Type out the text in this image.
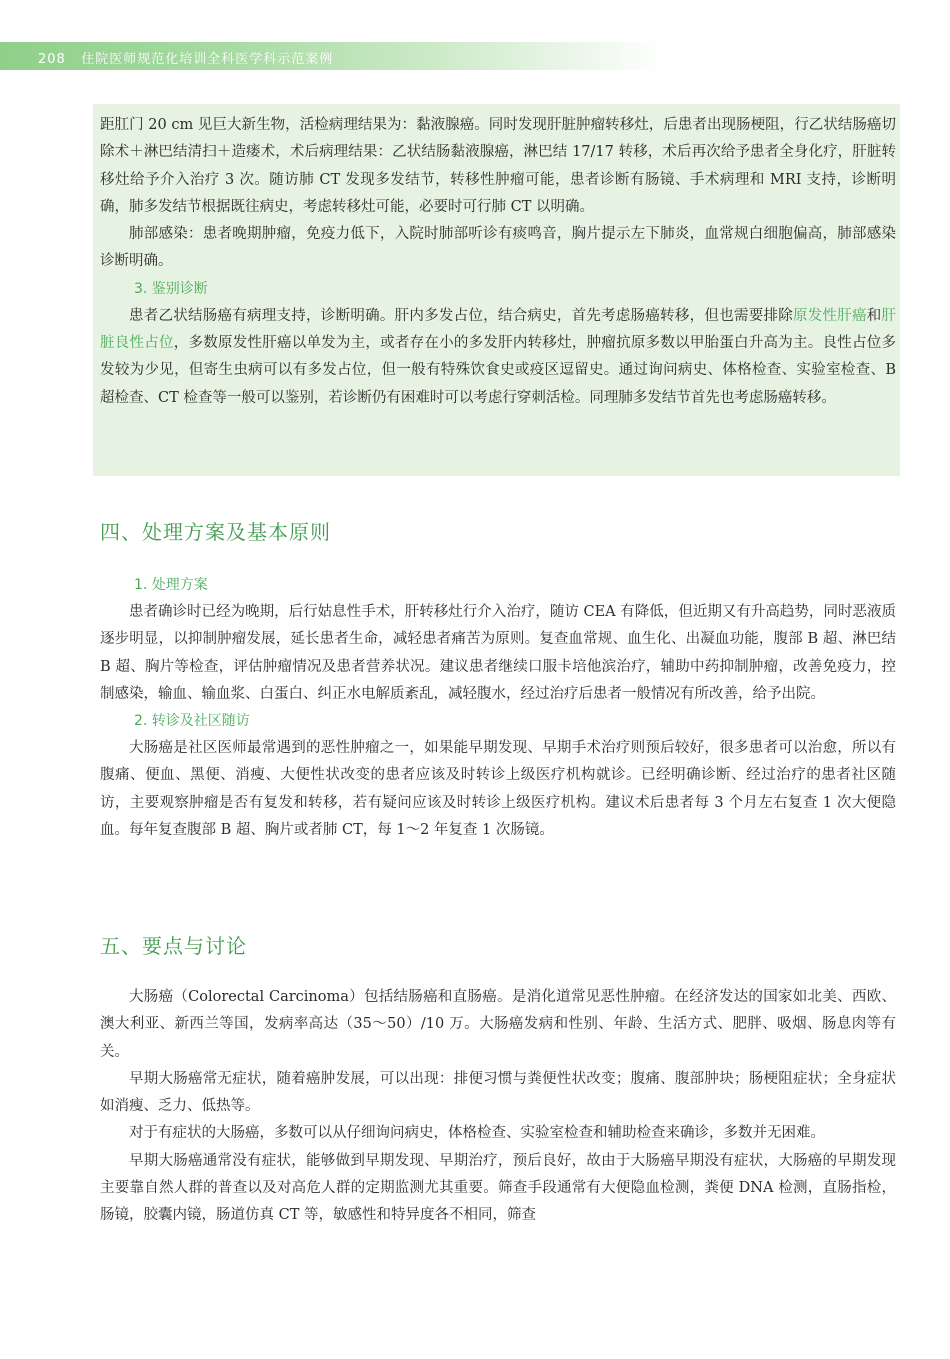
208 住院医师规范化培训全科医学科示范案例

距肛门 20 cm 见巨大新生物，活检病理结果为：黏液腺癌。同时发现肝脏肿瘤转移灶，后患者出现肠梗阻，行乙状结肠癌切除术＋淋巴结清扫＋造瘘术，术后病理结果：乙状结肠黏液腺癌，淋巴结 17/17 转移，术后再次给予患者全身化疗，肝脏转移灶给予介入治疗 3 次。随访肺 CT 发现多发结节，转移性肿瘤可能，患者诊断有肠镜、手术病理和 MRI 支持，诊断明确，肺多发结节根据既往病史，考虑转移灶可能，必要时可行肺 CT 以明确。

肺部感染：患者晚期肿瘤，免疫力低下，入院时肺部听诊有痰鸣音，胸片提示左下肺炎，血常规白细胞偏高，肺部感染诊断明确。

3. 鉴别诊断

患者乙状结肠癌有病理支持，诊断明确。肝内多发占位，结合病史，首先考虑肠癌转移，但也需要排除原发性肝癌和肝脏良性占位，多数原发性肝癌以单发为主，或者存在小的多发肝内转移灶，肿瘤抗原多数以甲胎蛋白升高为主。良性占位多发较为少见，但寄生虫病可以有多发占位，但一般有特殊饮食史或疫区逗留史。通过询问病史、体格检查、实验室检查、B 超检查、CT 检查等一般可以鉴别，若诊断仍有困难时可以考虑行穿刺活检。同理肺多发结节首先也考虑肠癌转移。

四、处理方案及基本原则

1. 处理方案

患者确诊时已经为晚期，后行姑息性手术，肝转移灶行介入治疗，随访 CEA 有降低，但近期又有升高趋势，同时恶液质逐步明显，以抑制肿瘤发展，延长患者生命，减轻患者痛苦为原则。复查血常规、血生化、出凝血功能，腹部 B 超、淋巴结 B 超、胸片等检查，评估肿瘤情况及患者营养状况。建议患者继续口服卡培他滨治疗，辅助中药抑制肿瘤，改善免疫力，控制感染，输血、输血浆、白蛋白、纠正水电解质紊乱，减轻腹水，经过治疗后患者一般情况有所改善，给予出院。

2. 转诊及社区随访

大肠癌是社区医师最常遇到的恶性肿瘤之一，如果能早期发现、早期手术治疗则预后较好，很多患者可以治愈，所以有腹痛、便血、黑便、消瘦、大便性状改变的患者应该及时转诊上级医疗机构就诊。已经明确诊断、经过治疗的患者社区随访，主要观察肿瘤是否有复发和转移，若有疑问应该及时转诊上级医疗机构。建议术后患者每 3 个月左右复查 1 次大便隐血。每年复查腹部 B 超、胸片或者肺 CT，每 1～2 年复查 1 次肠镜。

五、要点与讨论

大肠癌（Colorectal Carcinoma）包括结肠癌和直肠癌。是消化道常见恶性肿瘤。在经济发达的国家如北美、西欧、澳大利亚、新西兰等国，发病率高达（35～50）/10 万。大肠癌发病和性别、年龄、生活方式、肥胖、吸烟、肠息肉等有关。

早期大肠癌常无症状，随着癌肿发展，可以出现：排便习惯与粪便性状改变；腹痛、腹部肿块；肠梗阻症状；全身症状如消瘦、乏力、低热等。

对于有症状的大肠癌，多数可以从仔细询问病史，体格检查、实验室检查和辅助检查来确诊，多数并无困难。

早期大肠癌通常没有症状，能够做到早期发现、早期治疗，预后良好，故由于大肠癌早期没有症状，大肠癌的早期发现主要靠自然人群的普查以及对高危人群的定期监测尤其重要。筛查手段通常有大便隐血检测，粪便 DNA 检测，直肠指检，肠镜，胶囊内镜，肠道仿真 CT 等，敏感性和特异度各不相同，筛查
